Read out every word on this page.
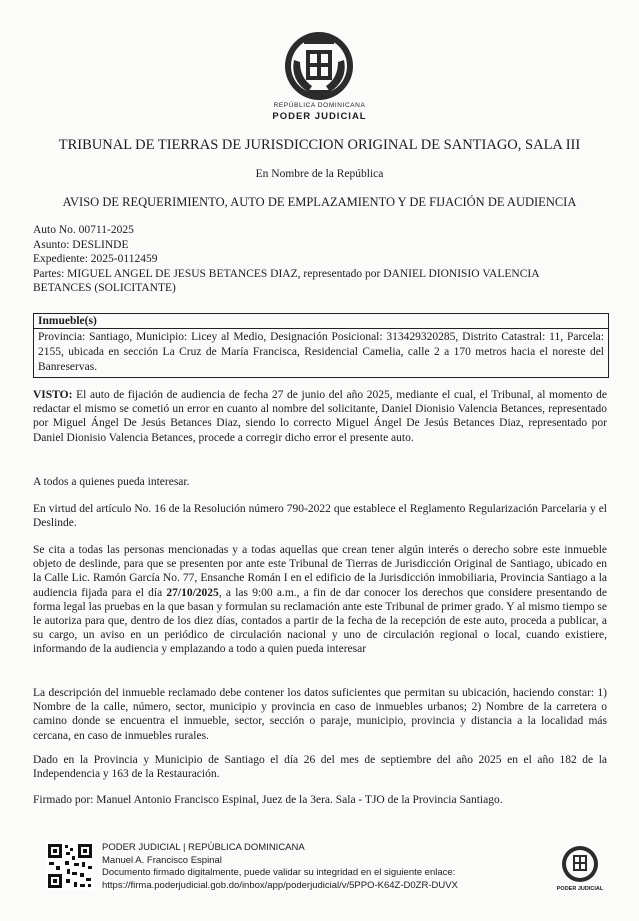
REPÚBLICA DOMINICANA
PODER JUDICIAL
TRIBUNAL DE TIERRAS DE JURISDICCION ORIGINAL DE SANTIAGO, SALA III
En Nombre de la República
AVISO DE REQUERIMIENTO, AUTO DE EMPLAZAMIENTO Y DE FIJACIÓN DE AUDIENCIA
Auto No. 00711-2025
Asunto: DESLINDE
Expediente: 2025-0112459
Partes: MIGUEL ANGEL DE JESUS BETANCES DIAZ, representado por DANIEL DIONISIO VALENCIA
BETANCES (SOLICITANTE)
Inmueble(s)
Provincia: Santiago, Municipio: Licey al Medio, Designación Posicional: 313429320285, Distrito Catastral: 11, Parcela: 2155, ubicada en sección La Cruz de María Francisca, Residencial Camelia, calle 2 a 170 metros hacia el noreste del Banreservas.
VISTO: El auto de fijación de audiencia de fecha 27 de junio del año 2025, mediante el cual, el Tribunal, al momento de redactar el mismo se cometió un error en cuanto al nombre del solicitante, Daniel Dionisio Valencia Betances, representado por Miguel Ángel De Jesús Betances Diaz, siendo lo correcto Miguel Ángel De Jesús Betances Diaz, representado por Daniel Dionisio Valencia Betances, procede a corregir dicho error el presente auto.
A todos a quienes pueda interesar.
En virtud del artículo No. 16 de la Resolución número 790-2022 que establece el Reglamento Regularización Parcelaria y el Deslinde.
Se cita a todas las personas mencionadas y a todas aquellas que crean tener algún interés o derecho sobre este inmueble objeto de deslinde, para que se presenten por ante este Tribunal de Tierras de Jurisdicción Original de Santiago, ubicado en la Calle Lic. Ramón García No. 77, Ensanche Román I en el edificio de la Jurisdicción inmobiliaria, Provincia Santiago a la audiencia fijada para el día 27/10/2025, a las 9:00 a.m., a fin de dar conocer los derechos que considere presentando de forma legal las pruebas en la que basan y formulan su reclamación ante este Tribunal de primer grado. Y al mismo tiempo se le autoriza para que, dentro de los diez días, contados a partir de la fecha de la recepción de este auto, proceda a publicar, a su cargo, un aviso en un periódico de circulación nacional y uno de circulación regional o local, cuando existiere, informando de la audiencia y emplazando a todo a quien pueda interesar
La descripción del inmueble reclamado debe contener los datos suficientes que permitan su ubicación, haciendo constar: 1) Nombre de la calle, número, sector, municipio y provincia en caso de inmuebles urbanos; 2) Nombre de la carretera o camino donde se encuentra el inmueble, sector, sección o paraje, municipio, provincia y distancia a la localidad más cercana, en caso de inmuebles rurales.
Dado en la Provincia y Municipio de Santiago el día 26 del mes de septiembre del año 2025 en el año 182 de la Independencia y 163 de la Restauración.
Firmado por: Manuel Antonio Francisco Espinal, Juez de la 3era. Sala - TJO de la Provincia Santiago.
PODER JUDICIAL | REPÚBLICA DOMINICANA
Manuel A. Francisco Espinal
Documento firmado digitalmente, puede validar su integridad en el siguiente enlace:
https://firma.poderjudicial.gob.do/inbox/app/poderjudicial/v/5PPO-K64Z-D0ZR-DUVX	PODER JUDICIAL
